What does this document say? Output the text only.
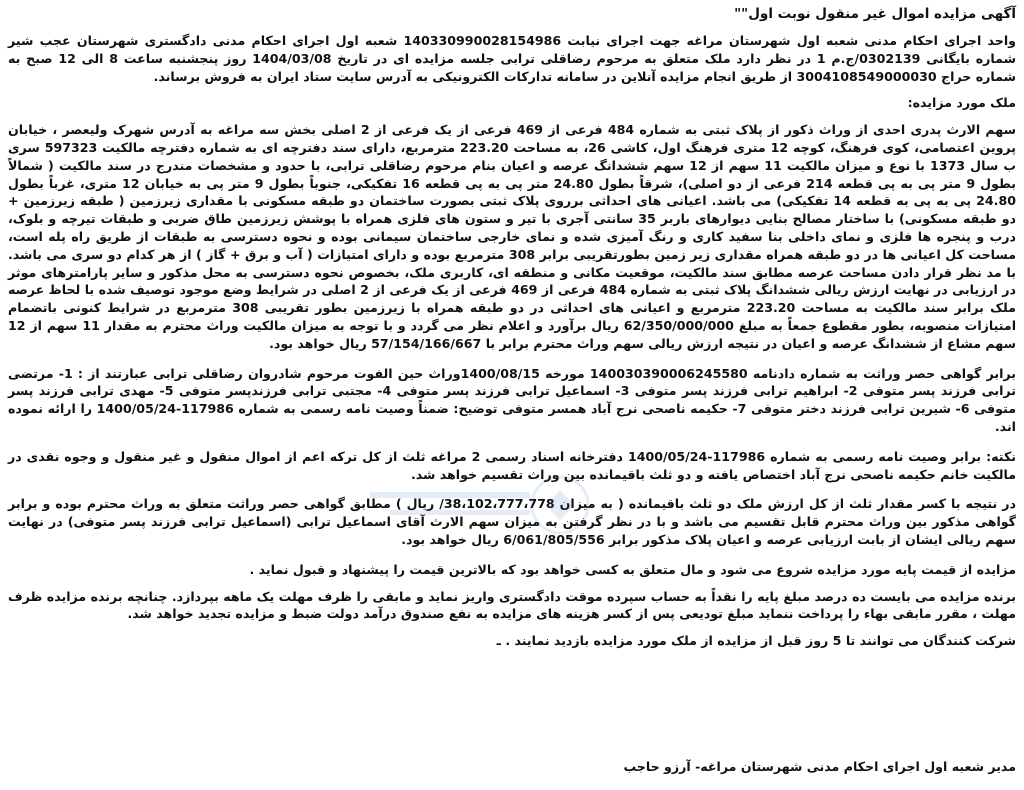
آگهی مزایده اموال غیر منقول نوبت اول""

واحد اجرای احکام مدنی شعبه اول شهرستان مراغه جهت اجرای نیابت 140330990028154986 شعبه اول اجرای احکام مدنی دادگستری شهرستان عجب شیر شماره بایگانی 0302139/ج.م 1 در نظر دارد ملک متعلق به مرحوم رضاقلی ترابی جلسه مزایده ای در تاریخ 1404/03/08 روز پنجشنبه ساعت 8 الی 12 صبح به شماره حراج 3004108549000030 از طریق انجام مزایده آنلاین در سامانه تدارکات الکترونیکی به آدرس سایت ستاد ایران به فروش برساند.

ملک مورد مزایده:

سهم الارث پدری احدی از وراث ذکور از پلاک ثبتی به شماره 484 فرعی از 469 فرعی از یک فرعی از 2 اصلی بخش سه مراغه به آدرس شهرک ولیعصر ، خیابان پروین اعتصامی، کوی فرهنگ، کوچه 12 متری فرهنگ اول، کاشی 26، به مساحت 223.20 مترمربع، دارای سند دفترچه ای به شماره دفترچه مالکیت 597323 سری ب سال 1373 با نوع و میزان مالکیت 11 سهم از 12 سهم ششدانگ عرصه و اعیان بنام مرحوم رضاقلی ترابی، با حدود و مشخصات مندرج در سند مالکیت ( شمالاً بطول 9 متر پی به پی قطعه 214 فرعی از دو اصلی)، شرقاً بطول 24.80 متر پی به پی قطعه 16 تفکیکی، جنوباً بطول 9 متر پی به خیابان 12 متری، غرباً بطول 24.80 پی به پی به قطعه 14 تفکیکی) می باشد. اعیانی های احداثی برروی پلاک ثبتی بصورت ساختمان دو طبقه مسکونی با مقداری زیرزمین ( طبقه زیرزمین + دو طبقه مسکونی) با ساختار مصالح بنایی دیوارهای باربر 35 سانتی آجری با تیر و ستون های فلزی همراه با پوشش زیرزمین طاق ضربی و طبقات تیرچه و بلوک، درب و پنجره ها فلزی و نمای داخلی بنا سفید کاری و رنگ آمیزی شده و نمای خارجی ساختمان سیمانی بوده و نحوه دسترسی به طبقات از طریق راه پله است، مساحت کل اعیانی ها در دو طبقه همراه مقداری زیر زمین بطورتقریبی برابر 308 مترمربع بوده و دارای امتیازات ( آب و برق + گاز ) از هر کدام دو سری می باشد. با مد نظر قرار دادن مساحت عرصه مطابق سند مالکیت، موقعیت مکانی و منطقه ای، کاربری ملک، بخصوص نحوه دسترسی به محل مذکور و سایر پارامترهای موثر در ارزیابی در نهایت ارزش ریالی ششدانگ پلاک ثبتی به شماره 484 فرعی از 469 فرعی از یک فرعی از 2 اصلی در شرایط وضع موجود توصیف شده با لحاظ عرصه ملک برابر سند مالکیت به مساحت 223.20 مترمربع و اعیانی های احداثی در دو طبقه همراه با زیرزمین بطور تقریبی 308 مترمربع در شرایط کنونی باتضمام امتیازات منصوبه، بطور مقطوع جمعاً به مبلغ 62/350/000/000 ریال برآورد و اعلام نظر می گردد و با توجه به میزان مالکیت وراث محترم به مقدار 11 سهم از 12 سهم مشاع از ششدانگ عرصه و اعیان در نتیجه ارزش ریالی سهم وراث محترم برابر با 57/154/166/667 ریال خواهد بود.

برابر گواهی حصر وراثت به شماره دادنامه 140030390006245580 مورخه 1400/08/15وراث حین الفوت مرحوم شادروان رضاقلی ترابی عبارتند از : 1- مرتضی ترابی فرزند پسر متوفی 2- ابراهیم ترابی فرزند پسر متوفی 3- اسماعیل ترابی فرزند پسر متوفی 4- مجتبی ترابی فرزندپسر متوفی 5- مهدی ترابی فرزند پسر متوفی 6- شیرین ترابی فرزند دختر متوفی 7- حکیمه ناصحی نرج آباد همسر متوفی توضیح: ضمناً وصیت نامه رسمی به شماره 117986-1400/05/24 را ارائه نموده اند.

نکته: برابر وصیت نامه رسمی به شماره 117986-1400/05/24 دفترخانه اسناد رسمی 2 مراغه ثلث از کل ترکه اعم از اموال منقول و غیر منقول و وجوه نقدی در مالکیت خانم حکیمه ناصحی نرج آباد اختصاص یافته و دو ثلث باقیمانده بین وراث تقسیم خواهد شد.

در نتیجه با کسر مقدار ثلث از کل ارزش ملک دو ثلث باقیمانده ( به میزان 38،102،777،778/ ریال ) مطابق گواهی حصر وراثت متعلق به وراث محترم بوده و برابر گواهی مذکور بین وراث محترم قابل تقسیم می باشد و با در نظر گرفتن به میزان سهم الارث آقای اسماعیل ترابی (اسماعیل ترابی فرزند پسر متوفی) در نهایت سهم ریالی ایشان از بابت ارزیابی عرصه و اعیان پلاک مذکور برابر 6/061/805/556 ریال خواهد بود.

مزایده از قیمت پایه مورد مزایده شروع می شود و مال متعلق به کسی خواهد بود که بالاترین قیمت را پیشنهاد و قبول نماید .

برنده مزایده می بایست ده درصد مبلغ پایه را نقداً به حساب سپرده موقت دادگستری واریز نماید و مابقی را ظرف مهلت یک ماهه بپردازد. چنانچه برنده مزایده ظرف مهلت ، مقرر مابقی بهاء را پرداخت ننماید مبلغ تودیعی پس از کسر هزینه های مزایده به نفع صندوق درآمد دولت ضبط و مزایده تجدید خواهد شد.

شرکت کنندگان می توانند تا 5 روز قبل از مزایده از ملک مورد مزایده بازدید نمایند . ـ

مدیر شعبه اول اجرای احکام مدنی شهرستان مراغه- آرزو حاجب
